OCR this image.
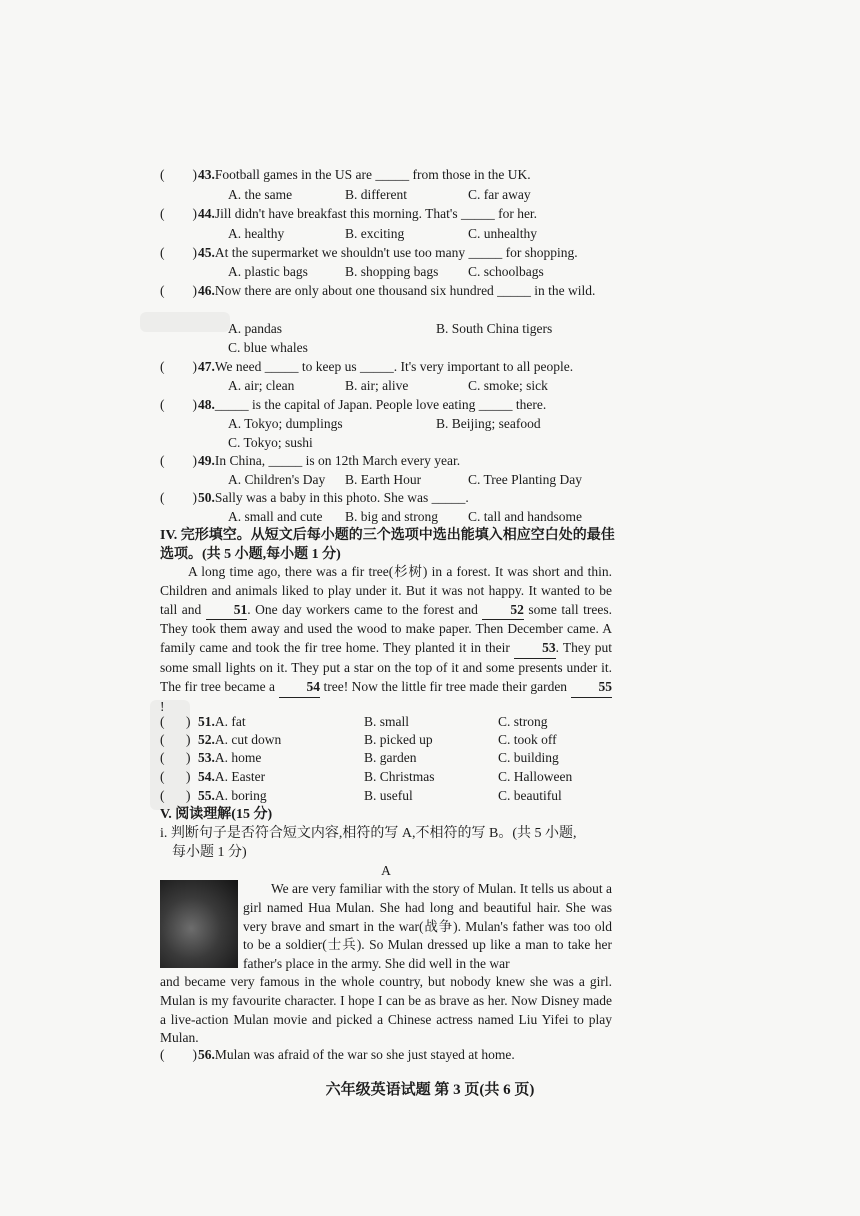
( ) 43.Football games in the US are _____ from those in the UK.
A. the same	B. different	C. far away
( ) 44.Jill didn't have breakfast this morning. That's _____ for her.
A. healthy	B. exciting	C. unhealthy
( ) 45.At the supermarket we shouldn't use too many _____ for shopping.
A. plastic bags	B. shopping bags C. schoolbags
( ) 46.Now there are only about one thousand six hundred _____ in the wild.
A. pandas	B. South China tigers
C. blue whales
( ) 47.We need _____ to keep us _____. It's very important to all people.
A. air; clean	B. air; alive	C. smoke; sick
( ) 48._____ is the capital of Japan. People love eating _____ there.
A. Tokyo; dumplings	B. Beijing; seafood
C. Tokyo; sushi
( ) 49.In China, _____ is on 12th March every year.
A. Children's Day B. Earth Hour	C. Tree Planting Day
( ) 50.Sally was a baby in this photo. She was _____.
A. small and cute B. big and strong C. tall and handsome
IV. 完形填空。从短文后每小题的三个选项中选出能填入相应空白处的最佳
选项。(共 5 小题,每小题 1 分)
A long time ago, there was a fir tree(杉树) in a forest. It was short and thin. Children and animals liked to play under it. But it was not happy. It wanted to be tall and 51. One day workers came to the forest and 52 some tall trees. They took them away and used the wood to make paper. Then December came. A family came and took the fir tree home. They planted it in their 53. They put some small lights on it. They put a star on the top of it and some presents under it. The fir tree became a 54 tree! Now the little fir tree made their garden 55!
( ) 51. A. fat	B. small	C. strong
( ) 52. A. cut down	B. picked up	C. took off
( ) 53. A. home	B. garden	C. building
( ) 54. A. Easter	B. Christmas	C. Halloween
( ) 55. A. boring	B. useful	C. beautiful
V. 阅读理解(15 分)
i. 判断句子是否符合短文内容,相符的写 A,不相符的写 B。(共 5 小题,
每小题 1 分)
A
We are very familiar with the story of Mulan. It tells us about a girl named Hua Mulan. She had long and beautiful hair. She was very brave and smart in the war(战争). Mulan's father was too old to be a soldier(士兵). So Mulan dressed up like a man to take her father's place in the army. She did well in the war
and became very famous in the whole country, but nobody knew she was a girl. Mulan is my favourite character. I hope I can be as brave as her. Now Disney made a live-action Mulan movie and picked a Chinese actress named Liu Yifei to play Mulan.
( ) 56.Mulan was afraid of the war so she just stayed at home.
六年级英语试题 第 3 页(共 6 页)
